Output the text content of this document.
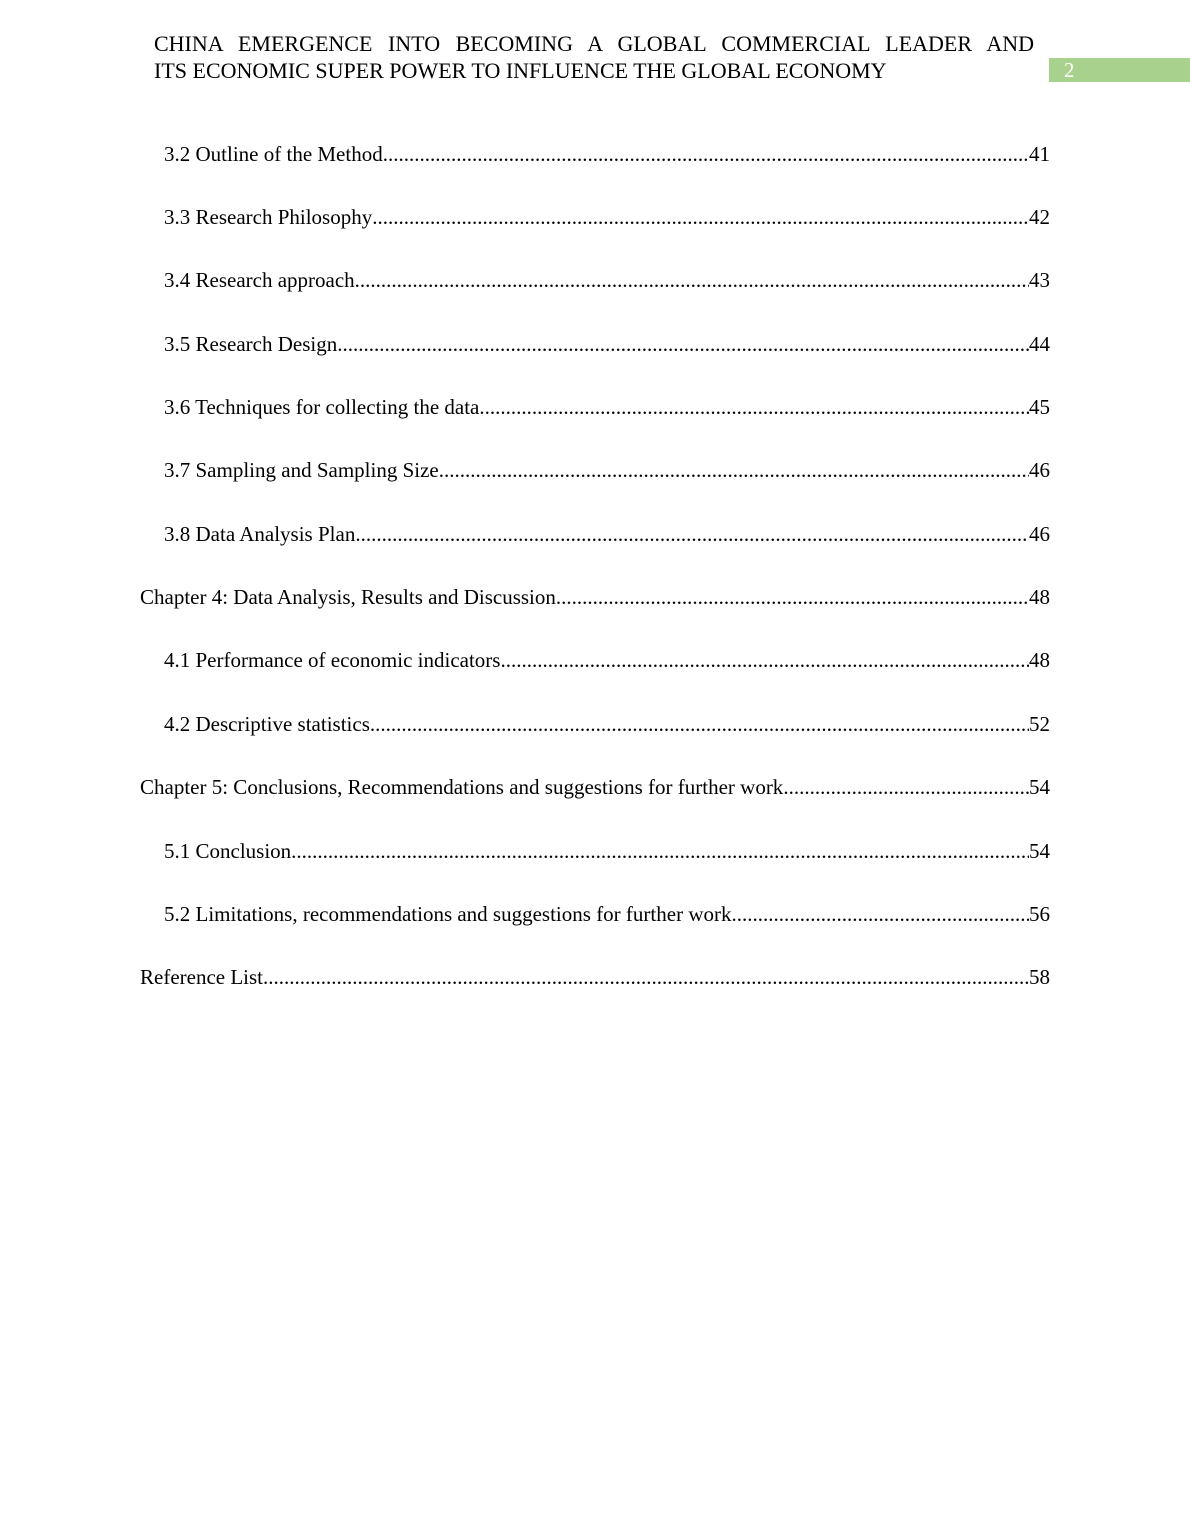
CHINA EMERGENCE INTO BECOMING A GLOBAL COMMERCIAL LEADER AND
ITS ECONOMIC SUPER POWER TO INFLUENCE THE GLOBAL ECONOMY	2
3.2 Outline of the Method .....	41
3.3 Research Philosophy .....	42
3.4 Research approach .....	43
3.5 Research Design .....	44
3.6 Techniques for collecting the data .....	45
3.7 Sampling and Sampling Size .....	46
3.8 Data Analysis Plan .....	46
Chapter 4: Data Analysis, Results and Discussion .....	48
4.1 Performance of economic indicators .....	48
4.2 Descriptive statistics .....	52
Chapter 5: Conclusions, Recommendations and suggestions for further work .....	54
5.1 Conclusion .....	54
5.2 Limitations, recommendations and suggestions for further work .....	56
Reference List .....	58
